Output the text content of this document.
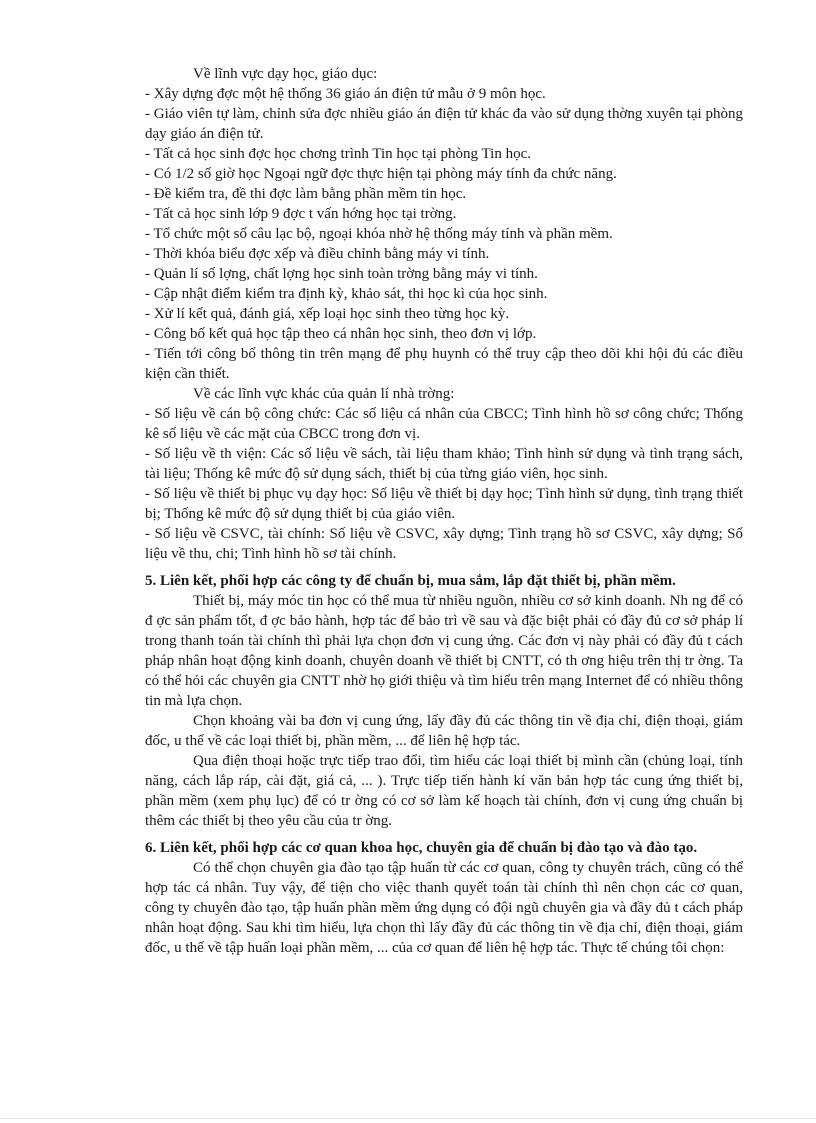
Về lĩnh vực dạy học, giáo dục:

- Xây dựng đợc một hệ thống 36 giáo án điện tử mẫu ở 9 môn học.

- Giáo viên tự làm, chỉnh sửa đợc nhiều giáo án điện tử khác đa vào sử dụng thờng xuyên tại phòng dạy giáo án điện tử.

- Tất cả học sinh đợc học chơng trình Tin học tại phòng Tin học.

- Có 1/2 số giờ học Ngoại ngữ đợc thực hiện tại phòng máy tính đa chức năng.

- Đề kiểm tra, đề thi đợc làm bằng phần mềm tin học.

- Tất cả học sinh lớp 9 đợc t vấn hớng học tại trờng.

- Tổ chức một số câu lạc bộ, ngoại khóa nhờ hệ thống máy tính và phần mềm.

- Thời khóa biểu đợc xếp và điều chỉnh bằng máy vi tính.

- Quản lí số lợng, chất lợng học sinh toàn trờng bằng máy vi tính.

- Cập nhật điểm kiểm tra định kỳ, khảo sát, thi học kì của học sinh.

- Xử lí kết quả, đánh giá, xếp loại học sinh theo từng học kỳ.

- Công bố kết quả học tập theo cá nhân học sinh, theo đơn vị lớp.

- Tiến tới công bố thông tin trên mạng để phụ huynh có thể truy cập theo dõi khi hội đủ các điều kiện cần thiết.

Về các lĩnh vực khác của quản lí nhà trờng:

- Số liệu về cán bộ công chức: Các số liệu cá nhân của CBCC; Tình hình hồ sơ công chức; Thống kê số liệu về các mặt của CBCC trong đơn vị.

- Số liệu về th viện: Các số liệu về sách, tài liệu tham khảo; Tình hình sử dụng và tình trạng sách, tài liệu; Thống kê mức độ sử dụng sách, thiết bị của từng giáo viên, học sinh.

- Số liệu về thiết bị phục vụ dạy học: Số liệu về thiết bị dạy học; Tình hình sử dụng, tình trạng thiết bị; Thống kê mức độ sử dụng thiết bị của giáo viên.

- Số liệu về CSVC, tài chính: Số liệu về CSVC, xây dựng; Tình trạng hồ sơ CSVC, xây dựng; Số liệu về thu, chi; Tình hình hồ sơ tài chính.

5. Liên kết, phối hợp các công ty để chuẩn bị, mua sắm, lắp đặt thiết bị, phần mềm.

Thiết bị, máy móc tin học có thể mua từ nhiều nguồn, nhiều cơ sở kinh doanh. Nh ng để có đ ợc sản phẩm tốt, đ ợc bảo hành, hợp tác để bảo trì về sau và đặc biệt phải có đầy đủ cơ sở pháp lí trong thanh toán tài chính thì phải lựa chọn đơn vị cung ứng. Các đơn vị này phải có đầy đủ t cách pháp nhân hoạt động kinh doanh, chuyên doanh về thiết bị CNTT, có th ơng hiệu trên thị tr ờng. Ta có thể hỏi các chuyên gia CNTT nhờ họ giới thiệu và tìm hiểu trên mạng Internet để có nhiều thông tin mà lựa chọn.

Chọn khoảng vài ba đơn vị cung ứng, lấy đầy đủ các thông tin về địa chỉ, điện thoại, giám đốc, u thế về các loại thiết bị, phần mềm, ... để liên hệ hợp tác.

Qua điện thoại hoặc trực tiếp trao đổi, tìm hiểu các loại thiết bị mình cần (chủng loại, tính năng, cách lắp ráp, cài đặt, giá cả, ... ). Trực tiếp tiến hành kí văn bản hợp tác cung ứng thiết bị, phần mềm (xem phụ lục) để có tr ờng có cơ sở làm kế hoạch tài chính, đơn vị cung ứng chuẩn bị thêm các thiết bị theo yêu cầu của tr ờng.

6. Liên kết, phối hợp các cơ quan khoa học, chuyên gia để chuẩn bị đào tạo và đào tạo.

Có thể chọn chuyên gia đào tạo tập huấn từ các cơ quan, công ty chuyên trách, cũng có thể hợp tác cá nhân. Tuy vậy, để tiện cho việc thanh quyết toán tài chính thì nên chọn các cơ quan, công ty chuyên đào tạo, tập huấn phần mềm ứng dụng có đội ngũ chuyên gia và đầy đủ t cách pháp nhân hoạt động. Sau khi tìm hiểu, lựa chọn thì lấy đầy đủ các thông tin về địa chỉ, điện thoại, giám đốc, u thế về tập huấn loại phần mềm, ... của cơ quan để liên hệ hợp tác. Thực tế chúng tôi chọn:
